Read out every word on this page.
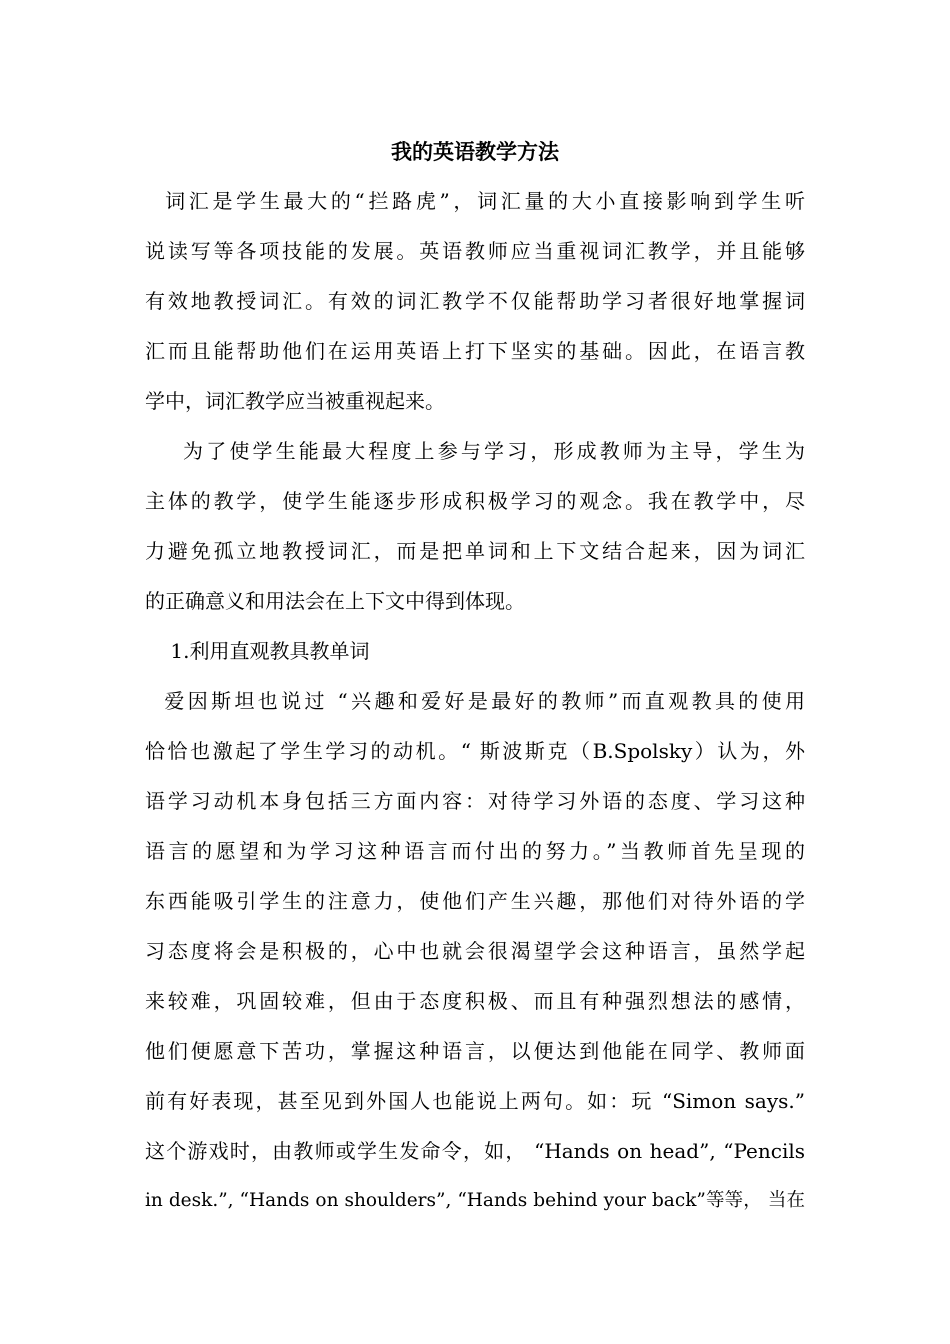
我的英语教学方法
词汇是学生最大的“拦路虎”，词汇量的大小直接影响到学生听
说读写等各项技能的发展。英语教师应当重视词汇教学，并且能够
有效地教授词汇。有效的词汇教学不仅能帮助学习者很好地掌握词
汇而且能帮助他们在运用英语上打下坚实的基础。因此，在语言教
学中，词汇教学应当被重视起来。
为了使学生能最大程度上参与学习，形成教师为主导，学生为
主体的教学，使学生能逐步形成积极学习的观念。我在教学中，尽
力避免孤立地教授词汇，而是把单词和上下文结合起来，因为词汇
的正确意义和用法会在上下文中得到体现。
1.利用直观教具教单词
爱因斯坦也说过 “兴趣和爱好是最好的教师”而直观教具的使用
恰恰也激起了学生学习的动机。“ 斯波斯克（B.Spolsky）认为，外
语学习动机本身包括三方面内容：对待学习外语的态度、学习这种
语言的愿望和为学习这种语言而付出的努力。”当教师首先呈现的
东西能吸引学生的注意力，使他们产生兴趣，那他们对待外语的学
习态度将会是积极的，心中也就会很渴望学会这种语言，虽然学起
来较难，巩固较难，但由于态度积极、而且有种强烈想法的感情，
他们便愿意下苦功，掌握这种语言，以便达到他能在同学、教师面
前有好表现，甚至见到外国人也能说上两句。如：玩 “Simon says.”
这个游戏时，由教师或学生发命令，如， “Hands on head”, “Pencils
in desk.”, “Hands on shoulders”, “Hands behind your back”等等， 当在
